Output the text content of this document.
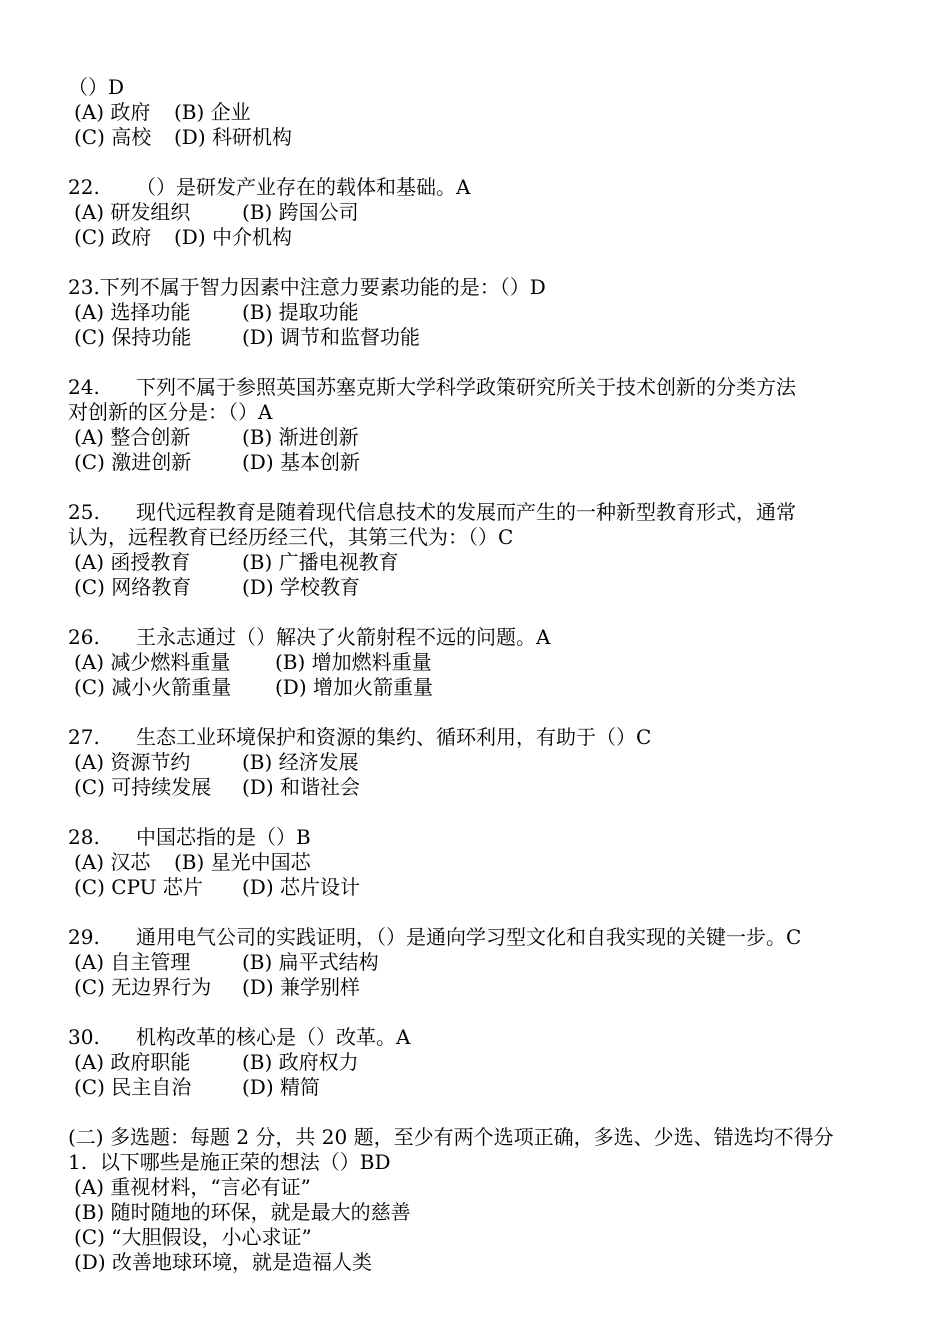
（）D
(A) 政府 (B) 企业
(C) 高校 (D) 科研机构
22.	（）是研发产业存在的载体和基础。A
(A) 研发组织	(B) 跨国公司
(C) 政府 (D) 中介机构
23.下列不属于智力因素中注意力要素功能的是：（）D
(A) 选择功能	(B) 提取功能
(C) 保持功能	(D) 调节和监督功能
24.	下列不属于参照英国苏塞克斯大学科学政策研究所关于技术创新的分类方法
对创新的区分是：（）A
(A) 整合创新	(B) 渐进创新
(C) 激进创新	(D) 基本创新
25.	现代远程教育是随着现代信息技术的发展而产生的一种新型教育形式，通常
认为，远程教育已经历经三代，其第三代为：（）C
(A) 函授教育	(B) 广播电视教育
(C) 网络教育	(D) 学校教育
26.	王永志通过（）解决了火箭射程不远的问题。A
(A) 减少燃料重量 (B) 增加燃料重量
(C) 减小火箭重量 (D) 增加火箭重量
27.	生态工业环境保护和资源的集约、循环利用，有助于（）C
(A) 资源节约	(B) 经济发展
(C) 可持续发展 (D) 和谐社会
28.	中国芯指的是（）B
(A) 汉芯 (B) 星光中国芯
(C) CPU 芯片 (D) 芯片设计
29.	通用电气公司的实践证明，（）是通向学习型文化和自我实现的关键一步。C
(A) 自主管理	(B) 扁平式结构
(C) 无边界行为 (D) 兼学别样
30.	机构改革的核心是（）改革。A
(A) 政府职能	(B) 政府权力
(C) 民主自治	(D) 精简
(二) 多选题：每题 2 分，共 20 题，至少有两个选项正确，多选、少选、错选均不得分
1. 以下哪些是施正荣的想法（）BD
(A) 重视材料，“言必有证”
(B) 随时随地的环保，就是最大的慈善
(C) “大胆假设，小心求证”
(D) 改善地球环境，就是造福人类
